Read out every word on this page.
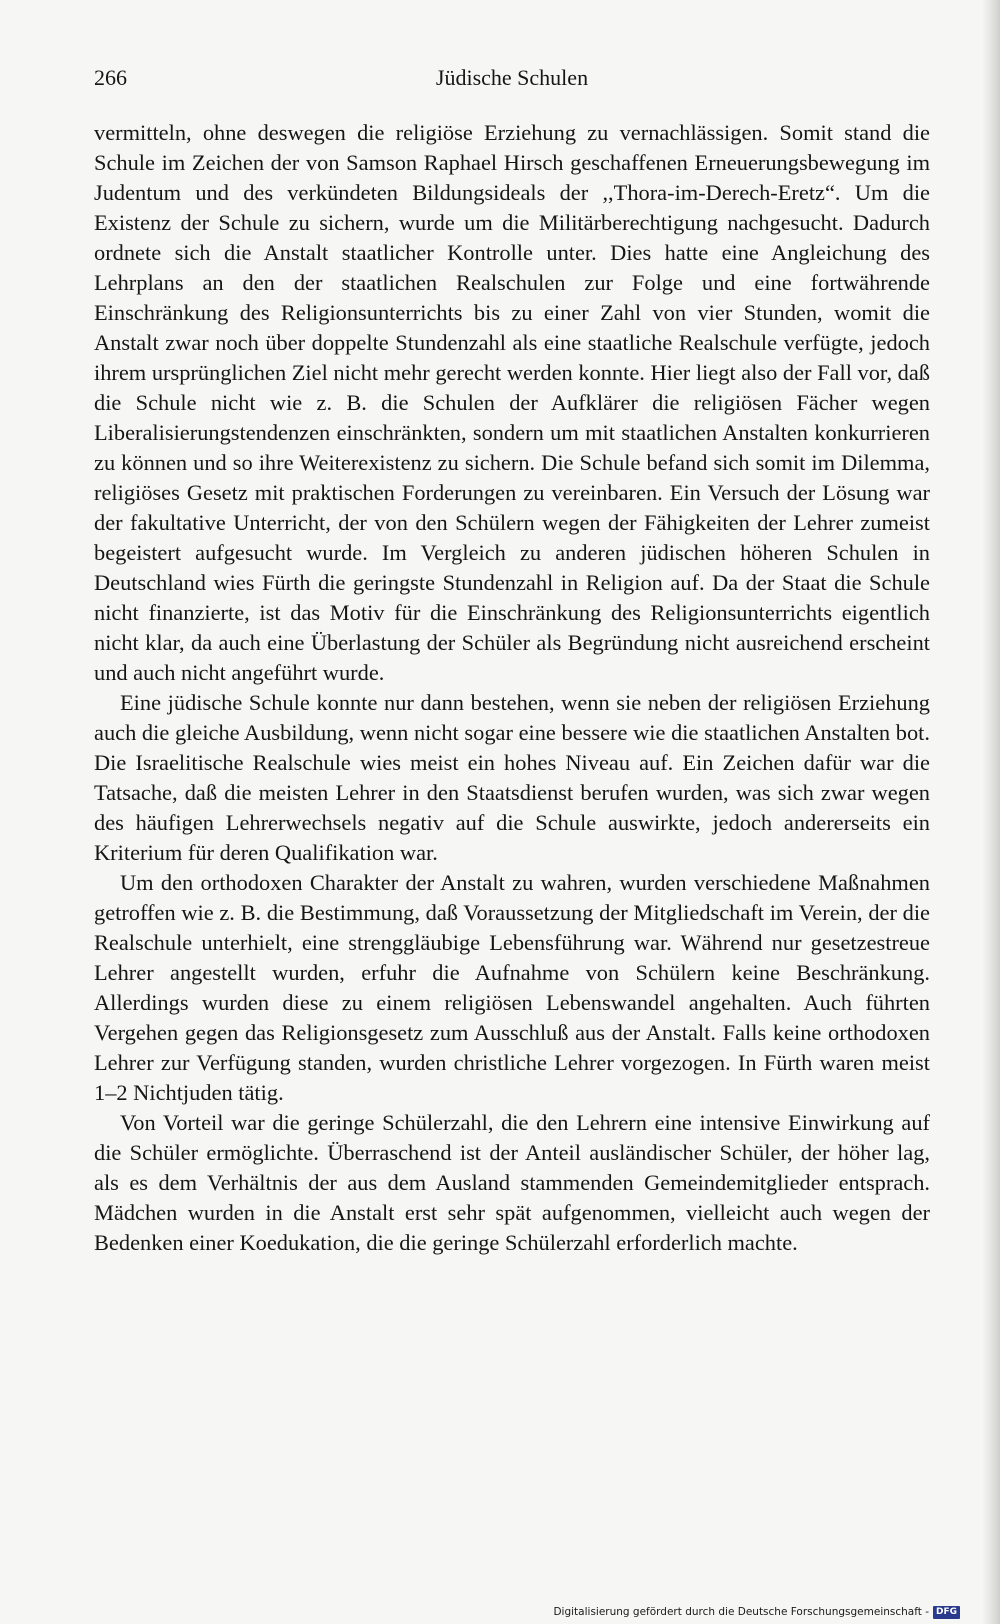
266	Jüdische Schulen

vermitteln, ohne deswegen die religiöse Erziehung zu vernachlässigen. Somit stand die Schule im Zeichen der von Samson Raphael Hirsch geschaffenen Erneuerungsbewegung im Judentum und des verkündeten Bildungsideals der ,,Thora-im-Derech-Eretz“. Um die Existenz der Schule zu sichern, wurde um die Militärberechtigung nachgesucht. Dadurch ordnete sich die Anstalt staatlicher Kontrolle unter. Dies hatte eine Angleichung des Lehrplans an den der staatlichen Realschulen zur Folge und eine fortwährende Einschränkung des Religionsunterrichts bis zu einer Zahl von vier Stunden, womit die Anstalt zwar noch über doppelte Stundenzahl als eine staatliche Realschule verfügte, jedoch ihrem ursprünglichen Ziel nicht mehr gerecht werden konnte. Hier liegt also der Fall vor, daß die Schule nicht wie z. B. die Schulen der Aufklärer die religiösen Fächer wegen Liberalisierungstendenzen einschränkten, sondern um mit staatlichen Anstalten konkurrieren zu können und so ihre Weiterexistenz zu sichern. Die Schule befand sich somit im Dilemma, religiöses Gesetz mit praktischen Forderungen zu vereinbaren. Ein Versuch der Lösung war der fakultative Unterricht, der von den Schülern wegen der Fähigkeiten der Lehrer zumeist begeistert aufgesucht wurde. Im Vergleich zu anderen jüdischen höheren Schulen in Deutschland wies Fürth die geringste Stundenzahl in Religion auf. Da der Staat die Schule nicht finanzierte, ist das Motiv für die Einschränkung des Religionsunterrichts eigentlich nicht klar, da auch eine Überlastung der Schüler als Begründung nicht ausreichend erscheint und auch nicht angeführt wurde.

Eine jüdische Schule konnte nur dann bestehen, wenn sie neben der religiösen Erziehung auch die gleiche Ausbildung, wenn nicht sogar eine bessere wie die staatlichen Anstalten bot. Die Israelitische Realschule wies meist ein hohes Niveau auf. Ein Zeichen dafür war die Tatsache, daß die meisten Lehrer in den Staatsdienst berufen wurden, was sich zwar wegen des häufigen Lehrerwechsels negativ auf die Schule auswirkte, jedoch andererseits ein Kriterium für deren Qualifikation war.

Um den orthodoxen Charakter der Anstalt zu wahren, wurden verschiedene Maßnahmen getroffen wie z. B. die Bestimmung, daß Voraussetzung der Mitgliedschaft im Verein, der die Realschule unterhielt, eine strenggläubige Lebensführung war. Während nur gesetzestreue Lehrer angestellt wurden, erfuhr die Aufnahme von Schülern keine Beschränkung. Allerdings wurden diese zu einem religiösen Lebenswandel angehalten. Auch führten Vergehen gegen das Religionsgesetz zum Ausschluß aus der Anstalt. Falls keine orthodoxen Lehrer zur Verfügung standen, wurden christliche Lehrer vorgezogen. In Fürth waren meist 1–2 Nichtjuden tätig.

Von Vorteil war die geringe Schülerzahl, die den Lehrern eine intensive Einwirkung auf die Schüler ermöglichte. Überraschend ist der Anteil ausländischer Schüler, der höher lag, als es dem Verhältnis der aus dem Ausland stammenden Gemeindemitglieder entsprach. Mädchen wurden in die Anstalt erst sehr spät aufgenommen, vielleicht auch wegen der Bedenken einer Koedukation, die die geringe Schülerzahl erforderlich machte.

Digitalisierung gefördert durch die Deutsche Forschungsgemeinschaft - DFG
